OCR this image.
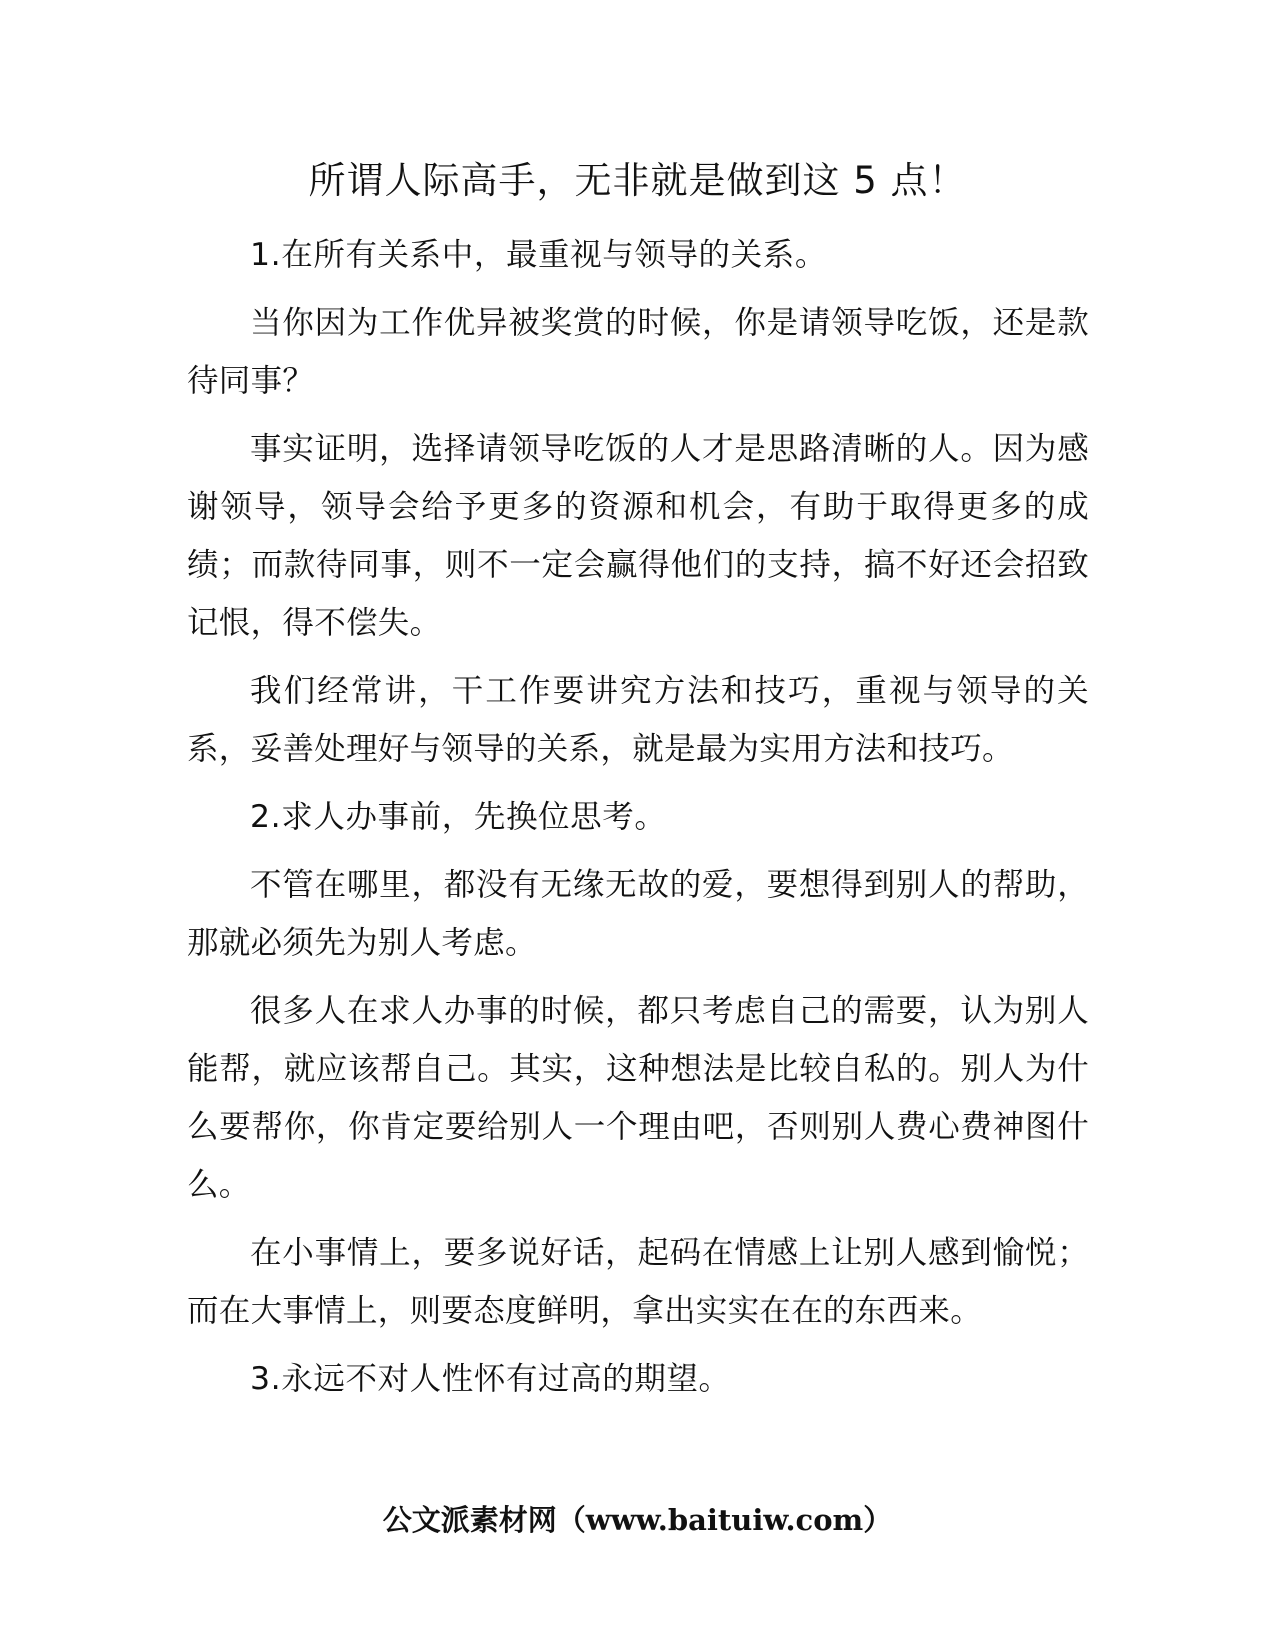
所谓人际高手，无非就是做到这 5 点！

1.在所有关系中，最重视与领导的关系。

当你因为工作优异被奖赏的时候，你是请领导吃饭，还是款待同事？

事实证明，选择请领导吃饭的人才是思路清晰的人。因为感谢领导，领导会给予更多的资源和机会，有助于取得更多的成绩；而款待同事，则不一定会赢得他们的支持，搞不好还会招致记恨，得不偿失。

我们经常讲，干工作要讲究方法和技巧，重视与领导的关系，妥善处理好与领导的关系，就是最为实用方法和技巧。

2.求人办事前，先换位思考。

不管在哪里，都没有无缘无故的爱，要想得到别人的帮助，那就必须先为别人考虑。

很多人在求人办事的时候，都只考虑自己的需要，认为别人能帮，就应该帮自己。其实，这种想法是比较自私的。别人为什么要帮你，你肯定要给别人一个理由吧，否则别人费心费神图什么。

在小事情上，要多说好话，起码在情感上让别人感到愉悦；而在大事情上，则要态度鲜明，拿出实实在在的东西来。

3.永远不对人性怀有过高的期望。

公文派素材网（www.baituiw.com）
